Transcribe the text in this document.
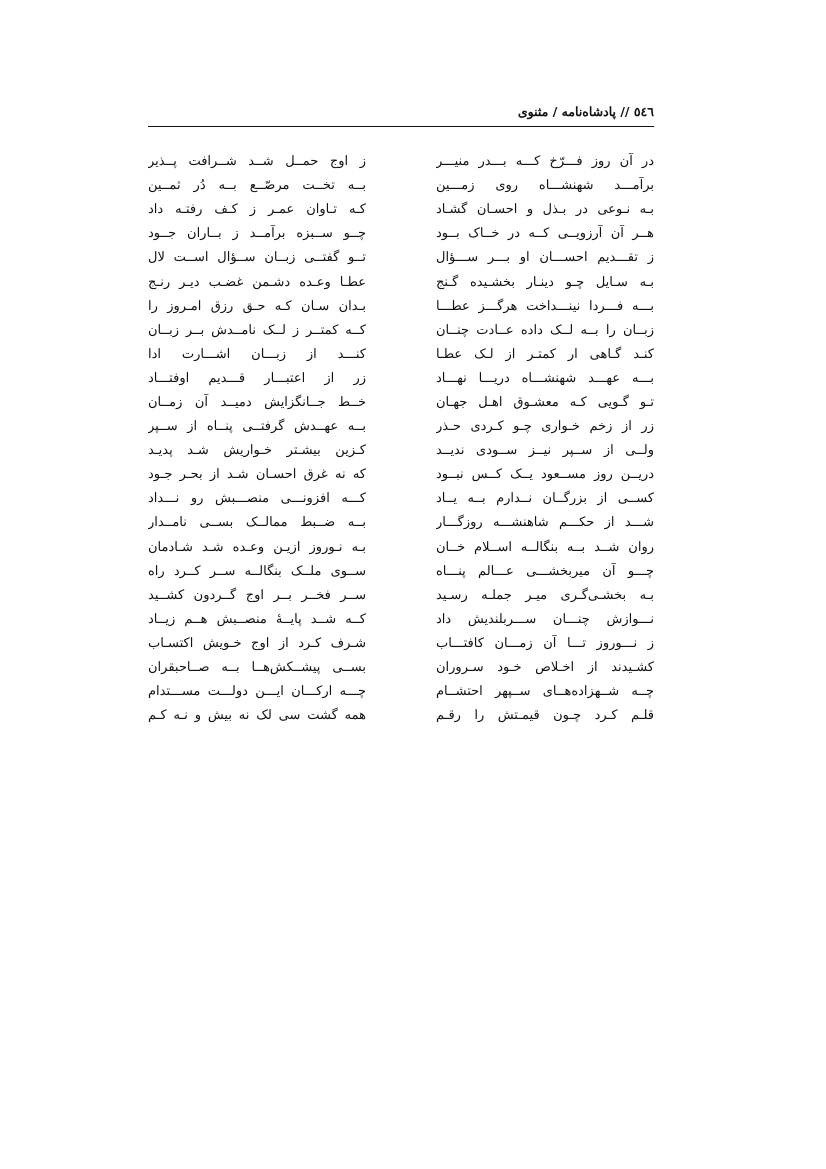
٥٤٦ // پادشاه‌نامه / مثنوی
در آن روز فـــرّخ کـــه بـــدر منیـــر
ز اوج حمــل شــد شــرافت پــذیر
برآمـــد شهنشـــاه روی زمـــین
بــه تخــت مرصّــع بــه دُر ثمــین
بـه نـوعی در بـذل و احسـان گشـاد
کـه تـاوان عمـر ز کـف رفتـه داد
هــر آن آرزویــی کــه در خــاک بــود
چــو ســبزه برآمــد ز بــاران جــود
ز تقـــدیم احســـان او بـــر ســـؤال
تــو گفتــی زبــان ســؤال اســت لال
بـه سـایل چـو دینـار بخشـیده گـنج
عطـا وعـده دشـمن غضـب دیـر رنـج
بـــه فـــردا نینـــداخت هرگـــز عطـــا
بـدان سـان کـه حـق رزق امـروز را
زبــان را بــه لــک داده عــادت چنــان
کــه کمتــر ز لــک نامــدش بــر زبــان
کنـد گـاهی ار کمتـر از لـک عطـا
کنـــد از زبـــان اشـــارت ادا
بـــه عهـــد شهنشـــاه دریـــا نهـــاد
زر از اعتبـــار قـــدیم اوفتـــاد
تـو گـویی کـه معشـوق اهـل جهـان
خــط جــانگزایش دمیــد آن زمــان
زر از زخم خـواری چـو کـردی حـذر
بــه عهــدش گرفتــی پنــاه از ســپر
ولــی از ســپر نیــز ســودی ندیــد
کـزین بیشـتر خـواریش شـد پدیـد
دریــن روز مســعود یــک کــس نبــود
که نه غرق احسـان شـد از بحـر جـود
کســی از بزرگــان نــدارم بــه یــاد
کـــه افزونـــی منصـــبش رو نـــداد
شـــد از حکـــم شاهنشـــه روزگـــار
بــه ضــبط ممالــک بســی نامــدار
روان شــد بــه بنگالــه اســلام خــان
بـه نـوروز ازیـن وعـده شـد شـادمان
چـــو آن میربخشـــی عـــالم پنـــاه
ســوی ملــک بنگالــه ســر کــرد راه
بـه بخشـی‌گـری میـر جملـه رسـید
ســر فخــر بــر اوج گــردون کشــید
نـــوازش چنـــان ســـربلندیش داد
کــه شــد پایــهٔ منصــبش هــم زیــاد
ز نـــوروز تـــا آن زمـــان کافتـــاب
شـرف کـرد از اوج خـویش اکتسـاب
کشـیدند از اخـلاص خـود سـروران
بســی پیشــکش‌هــا بــه صــاحبقران
چــه شــهزاده‌هــای ســپهر احتشــام
چـــه ارکـــان ایـــن دولـــت مســـتدام
قلـم کـرد چـون قیمـتش را رقـم
همه گشت سی لک نه بیش و نـه کـم
